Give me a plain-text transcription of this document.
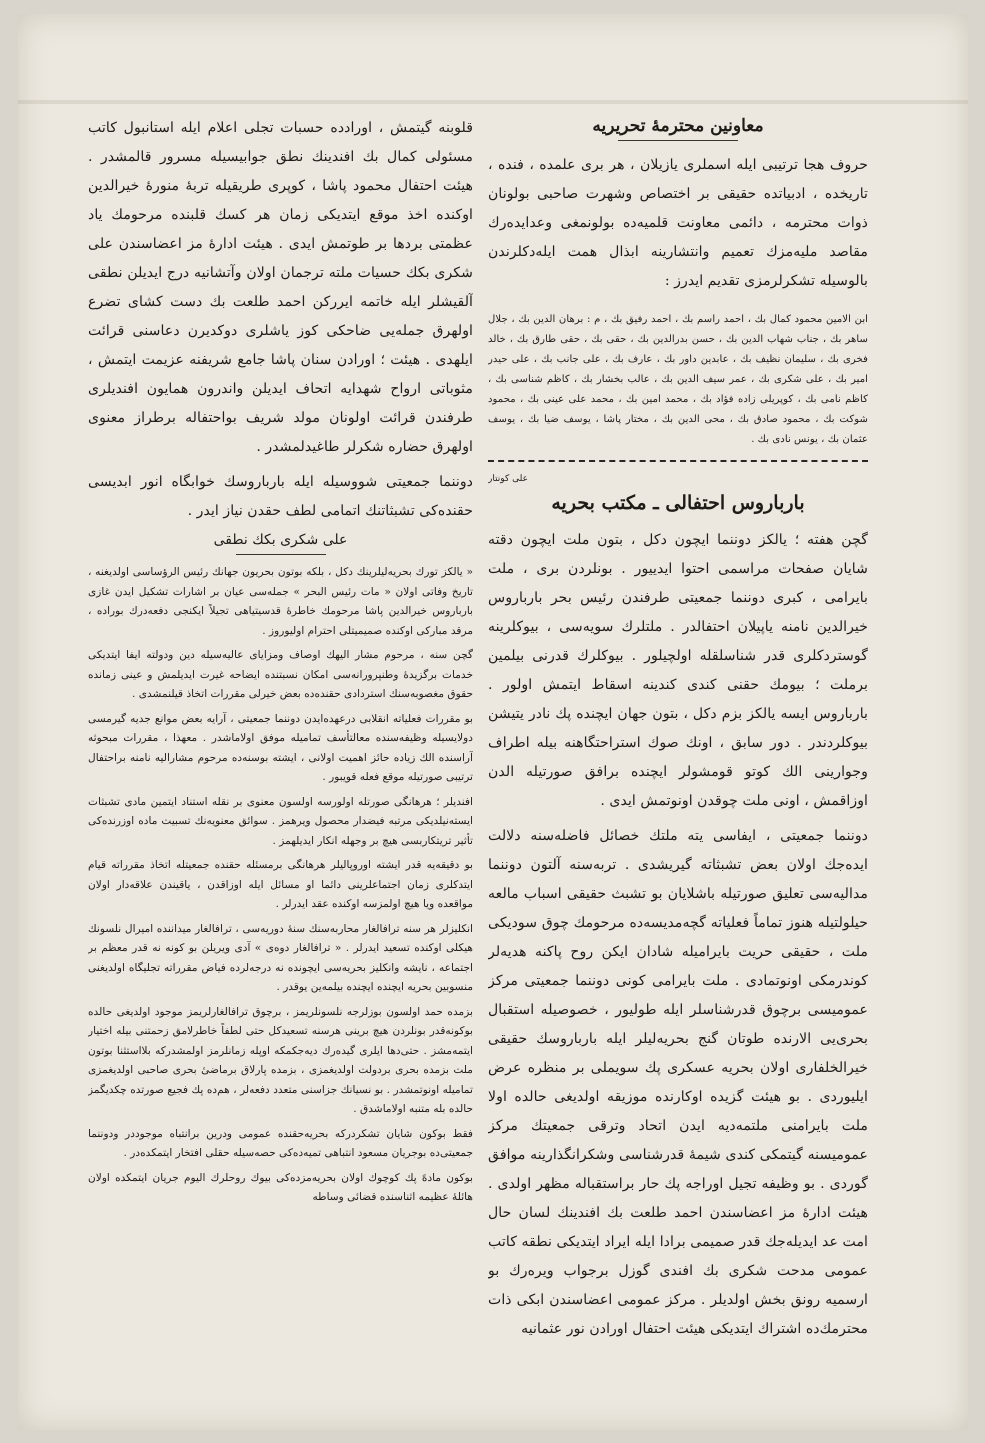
معاونین محترمهٔ تحریریه

حروف هجا ترتیبی ایله اسملری یازیلان ، هر بری علمده ، فنده ، تاریخده ، ادبیاتده حقیقی بر اختصاص وشهرت صاحبی بولونان ذوات محترمه ، دائمی معاونت قلمیه‌ده بولونمغی وعدایده‌رك مقاصد ملیه‌مزك تعمیم وانتشارینه ابذال همت ایله‌دكلرندن بالوسیله تشكرلرمزی تقدیم ایدرز :

ابن الامین محمود كمال بك ، احمد راسم بك ، احمد رفیق بك ، م : برهان الدین بك ، جلال ساهر بك ، جناب شهاب الدین بك ، حسن بدرالدین بك ، حقی بك ، حقی طارق بك ، خالد فخری بك ، سلیمان نظیف بك ، عابدین داور بك ، عارف بك ، علی جانب بك ، علی حیدر امیر بك ، علی شكری بك ، عمر سیف الدین بك ، عالب بخشار بك ، كاظم شناسی بك ، كاظم نامی بك ، كوپریلی زاده فؤاد بك ، محمد امین بك ، محمد علی عینی بك ، محمود شوكت بك ، محمود صادق بك ، محی الدین بك ، مختار پاشا ، یوسف ضیا بك ، یوسف عثمان بك ، یونس نادی بك .

علی كونتار
بارباروس احتفالی ـ مكتب بحریه

گچن هفته ؛ یالكز دوننما ایچون دكل ، بتون ملت ایچون دقته شایان صفحات مراسمی احتوا ایدییور . بونلردن بری ، ملت بایرامی ، كبری دوننما جمعیتی طرفندن رئیس بحر بارباروس خیرالدین نامنه یاپیلان احتفالدر . ملتلرك سویه‌سی ، بیوكلرینه گوستردكلری قدر شناسلقله اولچیلور . بیوكلرك قدرنی بیلمین برملت ؛ بیومك حقنی كندی كندینه اسقاط ایتمش اولور . بارباروس ایسه یالكز بزم دكل ، بتون جهان ایچنده پك نادر یتیشن بیوكلردندر . دور سابق ، اونك صوك استراحتگاهنه بیله اطراف وجوارینی الك كوتو قومشولر ایچنده برافق صورتیله الدن اوزاقمش ، اونی ملت چوقدن اونوتمش ایدی .

دوننما جمعیتی ، ایفاسی یته ملتك خصائل فاضله‌سنه دلالت ایده‌جك اولان بعض تشبثاته گیریشدی . تربه‌سنه آلتون دوننما مدالیه‌سی تعلیق صورتیله باشلایان بو تشبث حقیقی اسباب مالعه حیلولتیله هنوز تماماً فعلیاته گچه‌مدیسه‌ده مرحومك چوق سودیكی ملت ، حقیقی حریت بایرامیله شادان ایكن روح پاكنه هدیه‌لر كوندرمكی اونوتمادی . ملت بایرامی كونی دوننما جمعیتی مركز عمومیسی برچوق قدرشناسلر ایله طولیور ، خصوصیله استقبال بحری‌یی الارنده طوتان گنج بحریه‌لیلر ایله بارباروسك حقیقی خیرالخلفاری اولان بحریه عسكری پك سویملی بر منظره عرض ایلیوردی . بو هیئت گزیده اوكارنده موزیقه اولدیغی حالده اولا ملت بایرامنی ملتمه‌دیه ایدن اتحاد وترقی جمعیتك مركز عمومیسنه گیتمكی كندی شیمهٔ قدرشناسی وشكرانگذارینه موافق گوردی . بو وظیفه تجیل اوراجه پك حار براستقباله مظهر اولدی . هیئت ادارهٔ مز اعضاسندن احمد طلعت بك افندینك لسان حال امت عد ایدیله‌جك قدر صمیمی برادا ایله ایراد ایتدیكی نطقه كاتب عمومی مدحت شكری بك افندی گوزل برجواب ویره‌رك بو ارسمیه رونق بخش اولدیلر . مركز عمومی اعضاسندن ابكی ذات محترمك‌ده اشتراك ایتدیكی هیئت احتفال اورادن نور عثمانیه

قلوبنه گیتمش ، اورادده حسبات تجلی اعلام ایله استانبول كاتب مسئولی كمال بك افندینك نطق جوابیسیله مسرور قالمشدر . هیئت احتفال محمود پاشا ، كوپری طریقیله تربهٔ منورهٔ خیرالدین اوكنده اخذ موقع ایتدیكی زمان هر كسك قلبنده مرحومك یاد عظمتی بردها بر طوتمش ایدی . هیئت ادارهٔ مز اعضاسندن علی شكری بكك حسیات ملته ترجمان اولان وآتشانیه درج ایدیلن نطقی آلقیشلر ایله خاتمه ایرركن احمد طلعت بك دست كشای تضرع اولهرق جمله‌یی ضاحكی كوز یاشلری دوكدیرن دعاسنی قرائت ایلهدی . هیئت ؛ اورادن سنان پاشا جامع شریفنه عزیمت ایتمش ، مثوباتی ارواح شهدایه اتحاف ایدیلن واندرون همایون افندیلری طرفندن قرائت اولونان مولد شریف بواحتفاله برطراز معنوی اولهرق حضاره شكرلر طاغیدلمشدر .

دوننما جمعیتی شووسیله ایله بارباروسك خوابگاه انور ابدیسی حقنده‌كی تشبثاتنك اتمامی لطف حقدن نیاز ایدر .

علی شكری بكك نطقی

« یالكز تورك بحریه‌لیلرینك دكل ، بلكه بوتون بحریون جهانك رئیس الرؤساسی اولدیغنه ، تاریخ وفاتی اولان « مات رئیس البحر » جمله‌سی عیان بر اشارات تشكیل ایدن غازی بارباروس خیرالدین پاشا مرحومك خاطرهٔ قدسیتیاهی تجیلاً ایكنجی دفعه‌درك بوراده ، مرقد مباركی اوكنده صمیمیتلی احترام اولیوروز .

گچن سنه ، مرحوم مشار الیهك اوصاف ومزایای عالیه‌سیله دین ودولته ایفا ایتدیكی خدمات برگزیدهٔ وطنپرورانه‌سی امكان نسبتنده ایضاحه غیرت ایدیلمش و عینی زمانده حقوق مغصوبه‌سنك استردادی حقنده‌ده بعض خیرلی مقررات اتخاذ قیلنمشدی .

بو مقررات فعلیاته انقلابی درعهده‌ایدن دوننما جمعیتی ، آرایه بعض موانع جدیه گیرمسی دولایسیله وظیفه‌سنده معالتأسف تمامیله موفق اولاماشدر . معهذا ، مقررات مبحوثه آراسنده الك زیاده حائز اهمیت اولانی ، ایشته بوسنه‌ده مرحوم مشارالیه نامنه براحتفال ترتیبی صورتیله موقع فعله قویبور .

افندیلر ؛ هرهانگی صورتله اولورسه اولسون معنوی بر نقله استناد ایتمین مادی تشبثات ایسته‌نیلدیكی مرتبه فیضدار محصول ویرهمز . سوائق معنویه‌نك تسبیت ماده اوزرنده‌كی تأثیر تریتكاربسی هیچ بر وجهله انكار ایدیلهمز .

بو دقیقه‌یه قدر ایشته اوروپالیلر هرهانگی برمسئله حقنده جمعیتله اتخاذ مقرراته قیام ایتدكلری زمان اجتماعلرینی دائما او مسائل ایله اوزاقدن ، یاقیندن علاقه‌دار اولان مواقعده ویا هیچ اولمزسه اوكنده عقد ایدرلر .

انكلیزلر هر سنه ترافالغار محاربه‌سنك سنهٔ دوریه‌سی ، ترافالغار میداننده امیرال نلسونك هیكلی اوكنده تسعید ایدرلر . « ترافالغار دوه‌ی » آدی ویریلن بو كونه نه قدر معظم بر اجتماعه ، نایشه وانكلیز بحریه‌سی ایچونده نه درجه‌لرده فیاض مقرراته تجلیگاه اولدیغنی منسوبین بحریه ایچنده ایچنده بیلمه‌ین یوقدر .

بزمده حمد اولسون بوزلرجه نلسونلریمز ، برچوق ترافالغارلریمز موجود اولدیغی حالده بوكونه‌قدر بونلردن هیچ برینی هرسنه تسعید‌كل حتی لطفاً خاطرلامق زحمتنی بیله اختیار ایتمه‌مشز . حتی‌دها ایلری گیده‌رك دیه‌جكمكه اوپله زمانلرمز اولمشدركه بلااستثنا بوتون ملت بزمده بحری بردولت اولدیغمزی ، بزمده پارلاق برماضیٔ بحری صاحبی اولدیغمزی تمامیله اونوتمشدر . بو نسیانك جزاسنی متعدد دفعه‌لر ، هم‌ده پك فجیع صورتده چكدیگمز حالده بله متنبه اولاماشدق .

فقط بوكون شایان تشكردركه بحریه‌حقنده عمومی ودرین برانتباه موجوددر ودوننما جمعیتی‌ده بوجریان مسعود انتباهی تمیه‌ده‌كی حصه‌سیله حقلی افتخار ایتمكده‌در .

بوكون ماده‌ً پك كوچوك اولان بحریه‌مزده‌كی بیوك روحلرك الیوم جریان ایتمكده اولان هائله‌ٔ عظیمه اثناسنده قضائی وساطه
